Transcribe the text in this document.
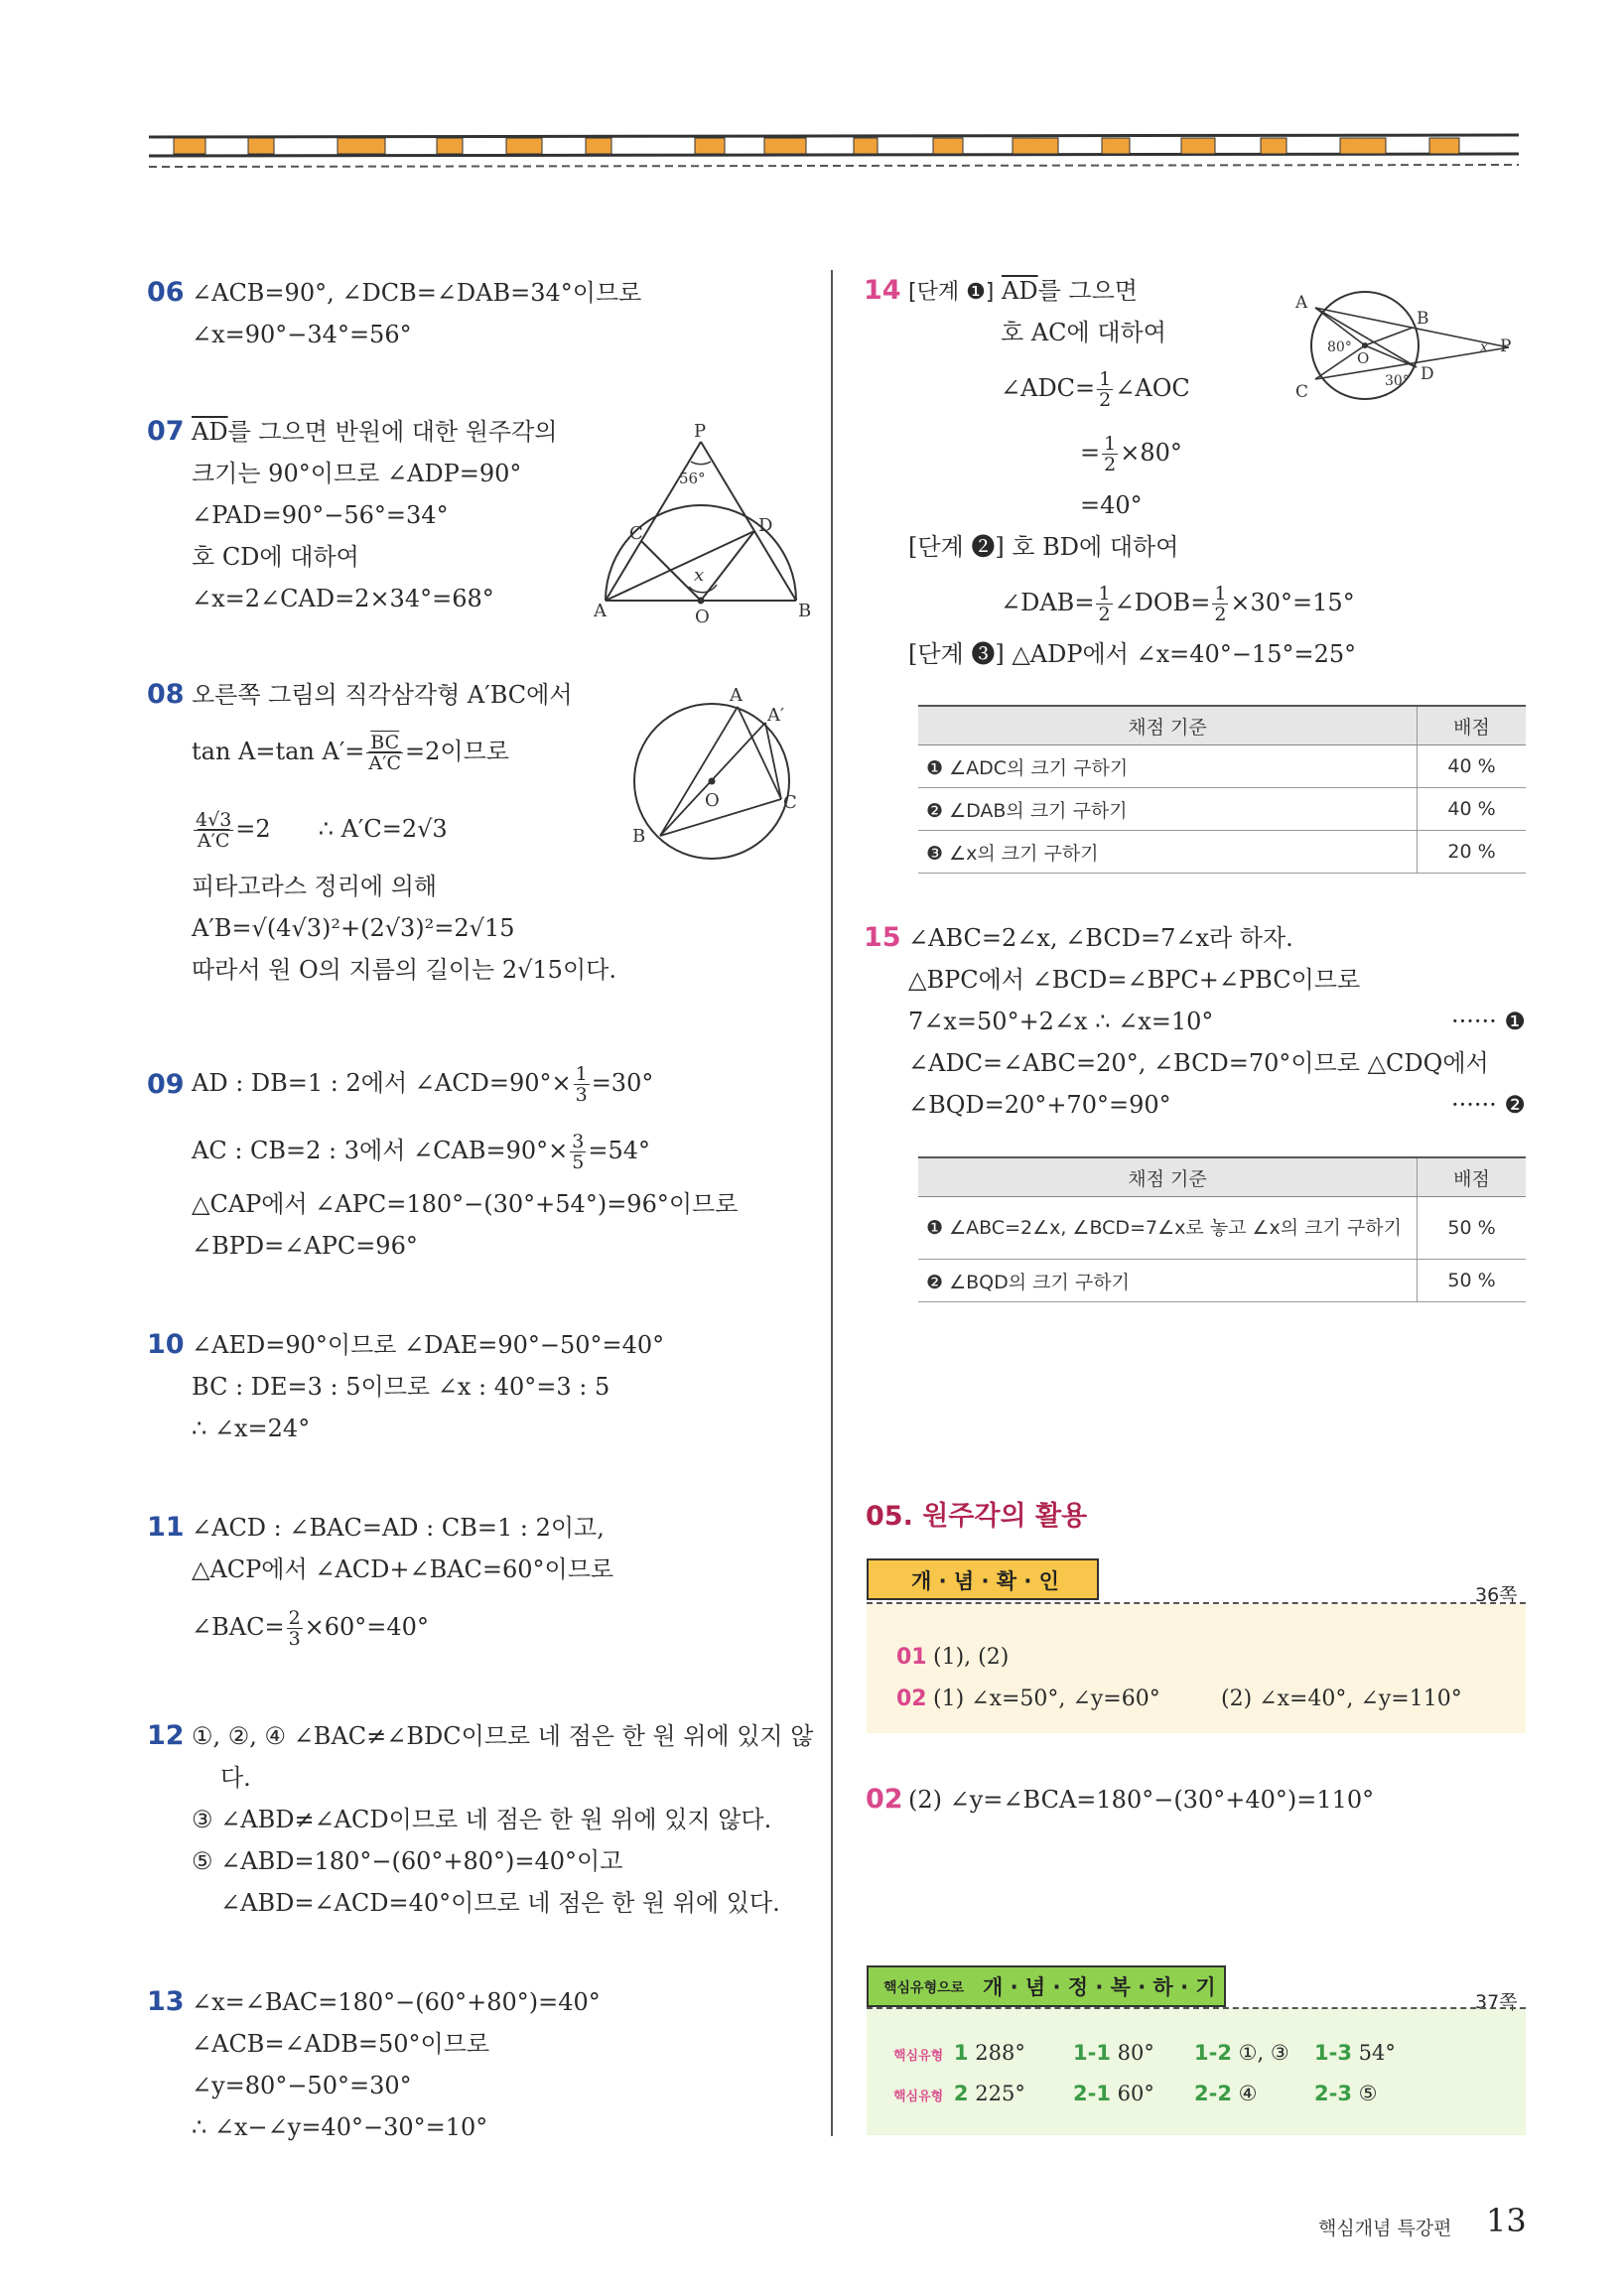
06 ∠ACB=90°, ∠DCB=∠DAB=34°이므로
∠x=90°−34°=56°
07 $\overline{AD}$를 그으면 반원에 대한 원주각의
크기는 90°이므로 ∠ADP=90°
∠PAD=90°−56°=34°
호 CD에 대하여
∠x=2∠CAD=2×34°=68°
P
56°
C	D
x
A	O	B
08 오른쪽 그림의 직각삼각형 A′BC에서
tan A=tan $A'= \frac{\overline{BC}}{A'C} =2$이므로
$\frac{4√3}{A'C} =2$ ∴ A′C=2√3
피타고라스 정리에 의해
A′B=√(4√3)²+(2√3)²=2√15
따라서 원 O의 지름의 길이는 2√15이다.
A
A′
C
O
B
09 AD : DB=1 : 2에서 ∠ACD=90°× $\frac{1}{3} =30^\circ$
AC : CB=2 : 3에서 ∠CAB=90°× $\frac{3}{5} =54^\circ$
△CAP에서 ∠APC=180°−(30°+54°)=96°이므로
∠BPD=∠APC=96°
10 ∠AED=90°이므로 ∠DAE=90°−50°=40°
BC : DE=3 : 5이므로 ∠x : 40°=3 : 5
∴ ∠x=24°
11 ∠ACD : ∠BAC=AD : CB=1 : 2이고,
△ACP에서 ∠ACD+∠BAC=60°이므로
∠BAC= $\frac{2}{3} \times 60^\circ=40^\circ$
12 ①, ②, ④ ∠BAC≠∠BDC이므로 네 점은 한 원 위에 있지 않
다.
③ ∠ABD≠∠ACD이므로 네 점은 한 원 위에 있지 않다.
⑤ ∠ABD=180°−(60°+80°)=40°이고
∠ABD=∠ACD=40°이므로 네 점은 한 원 위에 있다.
13 ∠x=∠BAC=180°−(60°+80°)=40°
∠ACB=∠ADB=50°이므로
∠y=80°−50°=30°
∴ ∠x−∠y=40°−30°=10°
14 [단계 ❶] $\overline{AD}$를 그으면
호 AC에 대하여
∠ADC= $\frac{1}{2}$ ∠AOC
= $\frac{1}{2} \times 80^\circ$
=40°
[단계 ❷] 호 BD에 대하여
∠DAB= $\frac{1}{2}$ ∠DOB= $\frac{1}{2} \times 30^\circ=15^\circ$
[단계 ❸] △ADP에서 ∠x=40°−15°=25°
A
B
P
C
D
O
80°
30°
x
채점 기준	배점
❶ ∠ADC의 크기 구하기	40 %
❷ ∠DAB의 크기 구하기	40 %
❸ ∠x의 크기 구하기	20 %
15 ∠ABC=2∠x, ∠BCD=7∠x라 하자.
△BPC에서 ∠BCD=∠BPC+∠PBC이므로
7∠x=50°+2∠x ∴ ∠x=10°	······ ❶
∠ADC=∠ABC=20°, ∠BCD=70°이므로 △CDQ에서
∠BQD=20°+70°=90°	······ ❷
채점 기준	배점
❶ ∠ABC=2∠x, ∠BCD=7∠x로 놓고 ∠x의 크기 구하기	50 %
❷ ∠BQD의 크기 구하기	50 %
05. 원주각의 활용
개 · 념 · 확 · 인
36쪽
01 (1), (2)
02 (1) ∠x=50°, ∠y=60°	(2) ∠x=40°, ∠y=110°
02 (2) ∠y=∠BCA=180°−(30°+40°)=110°
핵심유형으로 개 · 념 · 정 · 복 · 하 · 기
37쪽
핵심유형 1 288° 1-1 80° 1-2 ①, ③ 1-3 54°
핵심유형 2 225° 2-1 60° 2-2 ④	2-3 ⑤
핵심개념 특강편 13
